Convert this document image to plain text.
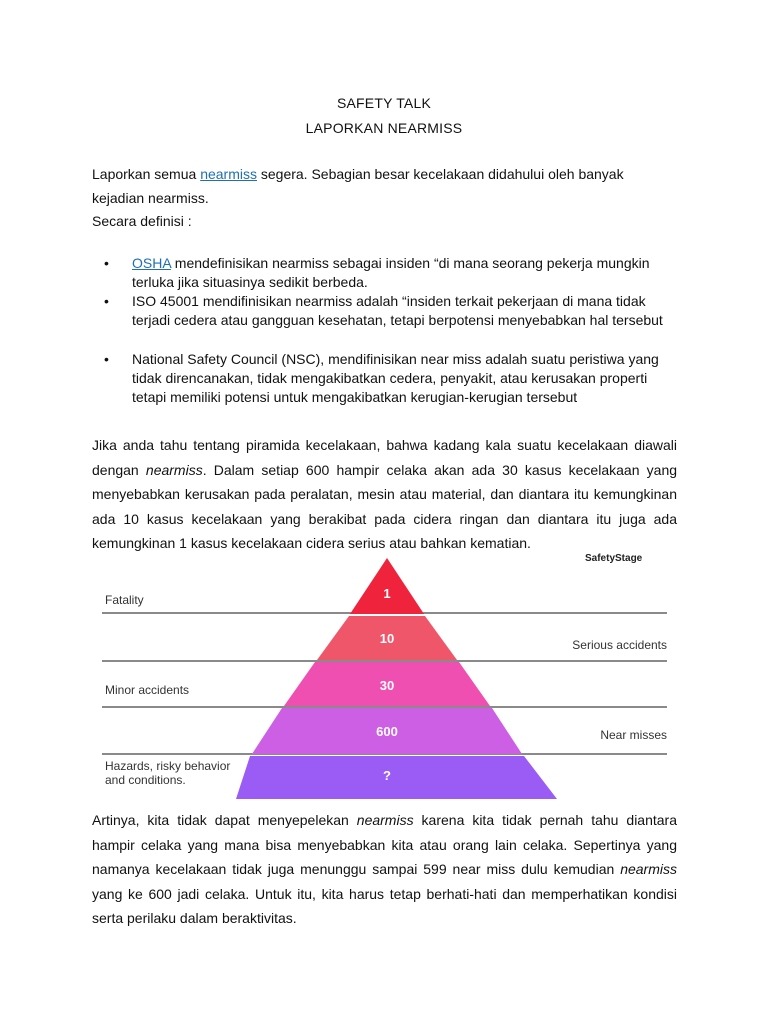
SAFETY TALK
LAPORKAN NEARMISS
Laporkan semua nearmiss segera. Sebagian besar kecelakaan didahului oleh banyak kejadian nearmiss.
Secara definisi :
• OSHA mendefinisikan nearmiss sebagai insiden “di mana seorang pekerja mungkin terluka jika situasinya sedikit berbeda.
• ISO 45001 mendifinisikan nearmiss adalah “insiden terkait pekerjaan di mana tidak terjadi cedera atau gangguan kesehatan, tetapi berpotensi menyebabkan hal tersebut
• National Safety Council (NSC), mendifinisikan near miss adalah suatu peristiwa yang tidak direncanakan, tidak mengakibatkan cedera, penyakit, atau kerusakan properti tetapi memiliki potensi untuk mengakibatkan kerugian-kerugian tersebut
Jika anda tahu tentang piramida kecelakaan, bahwa kadang kala suatu kecelakaan diawali dengan nearmiss. Dalam setiap 600 hampir celaka akan ada 30 kasus kecelakaan yang menyebabkan kerusakan pada peralatan, mesin atau material, dan diantara itu kemungkinan ada 10 kasus kecelakaan yang berakibat pada cidera ringan dan diantara itu juga ada kemungkinan 1 kasus kecelakaan cidera serius atau bahkan kematian.
SafetyStage
1
10
30
600
?
Fatality
Minor accidents
Hazards, risky behavior
and conditions.
Serious accidents
Near misses
Artinya, kita tidak dapat menyepelekan nearmiss karena kita tidak pernah tahu diantara hampir celaka yang mana bisa menyebabkan kita atau orang lain celaka. Sepertinya yang namanya kecelakaan tidak juga menunggu sampai 599 near miss dulu kemudian nearmiss yang ke 600 jadi celaka. Untuk itu, kita harus tetap berhati-hati dan memperhatikan kondisi serta perilaku dalam beraktivitas.
